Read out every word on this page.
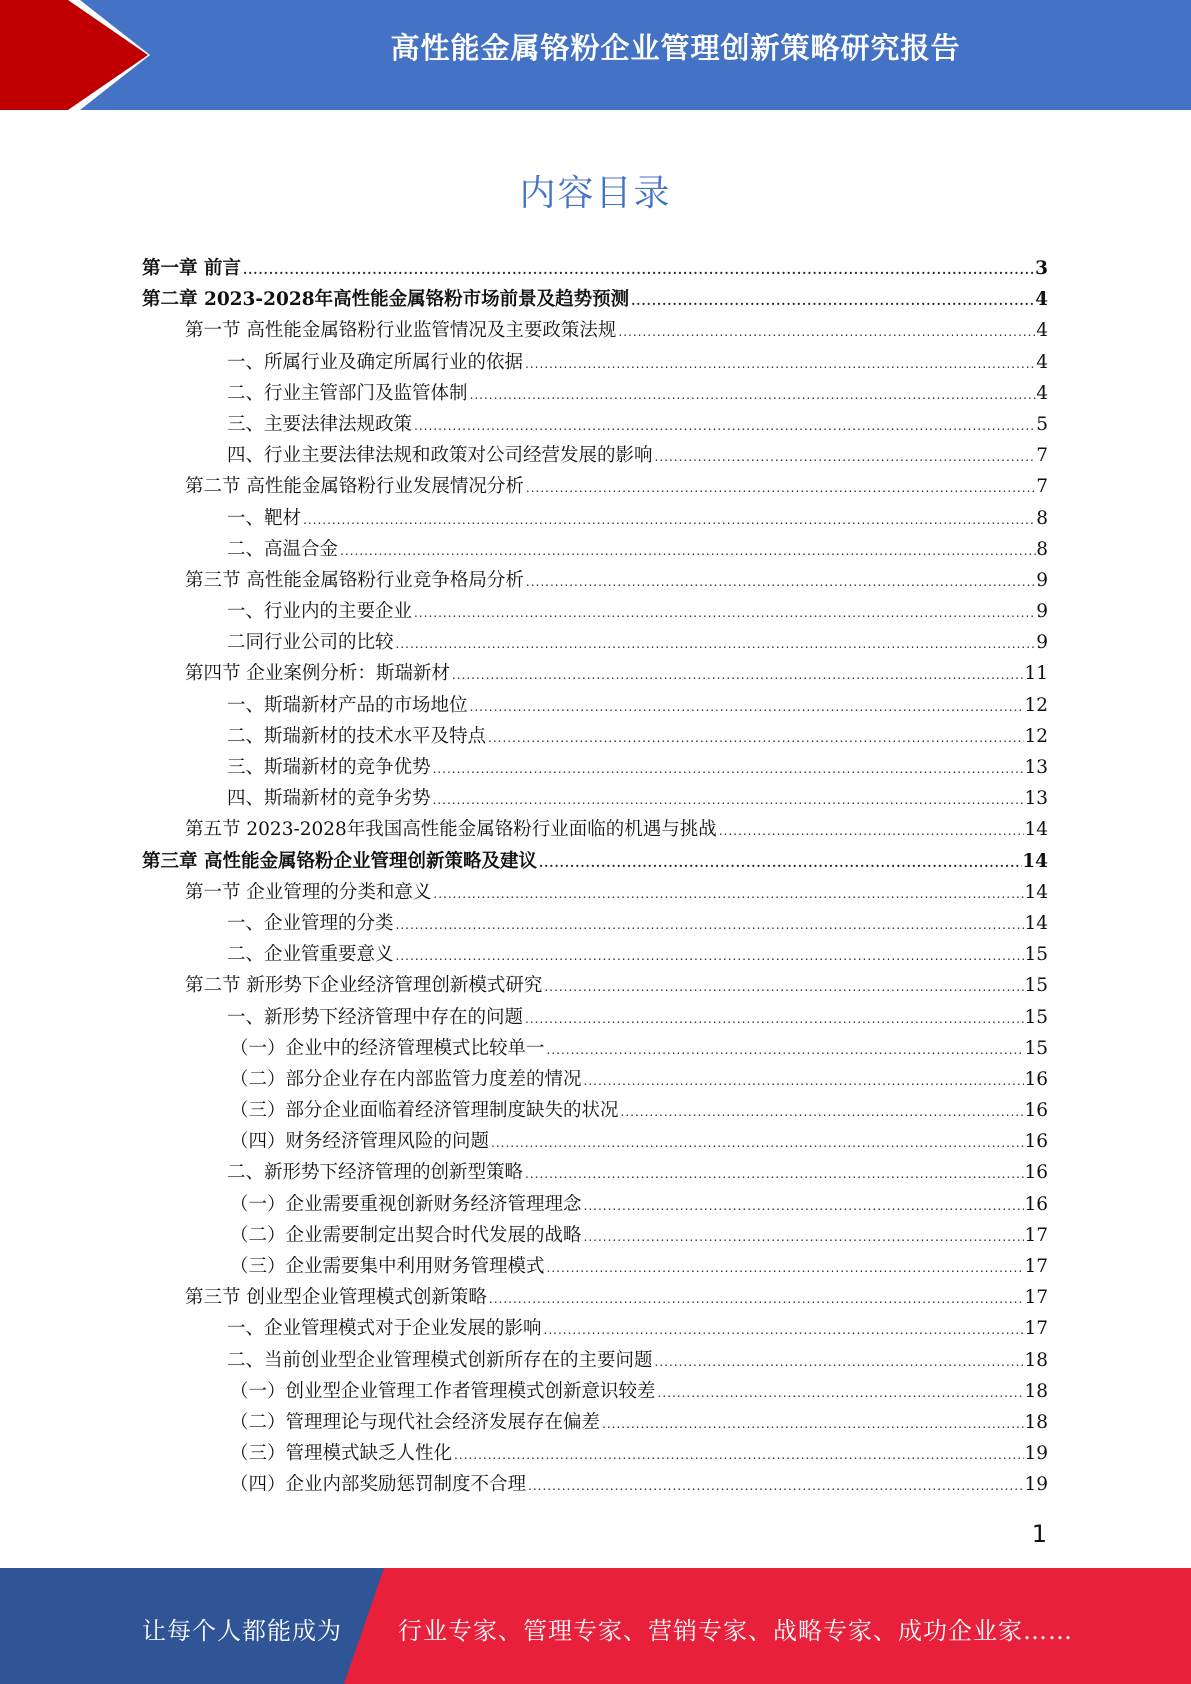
高性能金属铬粉企业管理创新策略研究报告
内容目录
第一章 前言 .....	3
第二章 2023-2028年高性能金属铬粉市场前景及趋势预测 .....	4
第一节 高性能金属铬粉行业监管情况及主要政策法规 .....	4
一、所属行业及确定所属行业的依据 .....	4
二、行业主管部门及监管体制 .....	4
三、主要法律法规政策 .....	5
四、行业主要法律法规和政策对公司经营发展的影响 .....	7
第二节 高性能金属铬粉行业发展情况分析 .....	7
一、靶材 .....	8
二、高温合金 .....	8
第三节 高性能金属铬粉行业竞争格局分析 .....	9
一、行业内的主要企业 .....	9
二同行业公司的比较 .....	9
第四节 企业案例分析：斯瑞新材 .....	11
一、斯瑞新材产品的市场地位 .....	12
二、斯瑞新材的技术水平及特点 .....	12
三、斯瑞新材的竞争优势 .....	13
四、斯瑞新材的竞争劣势 .....	13
第五节 2023-2028年我国高性能金属铬粉行业面临的机遇与挑战 .....	14
第三章 高性能金属铬粉企业管理创新策略及建议 .....	14
第一节 企业管理的分类和意义 .....	14
一、企业管理的分类 .....	14
二、企业管重要意义 .....	15
第二节 新形势下企业经济管理创新模式研究 .....	15
一、新形势下经济管理中存在的问题 .....	15
（一）企业中的经济管理模式比较单一 .....	15
（二）部分企业存在内部监管力度差的情况 .....	16
（三）部分企业面临着经济管理制度缺失的状况 .....	16
（四）财务经济管理风险的问题 .....	16
二、新形势下经济管理的创新型策略 .....	16
（一）企业需要重视创新财务经济管理理念 .....	16
（二）企业需要制定出契合时代发展的战略 .....	17
（三）企业需要集中利用财务管理模式 .....	17
第三节 创业型企业管理模式创新策略 .....	17
一、企业管理模式对于企业发展的影响 .....	17
二、当前创业型企业管理模式创新所存在的主要问题 .....	18
（一）创业型企业管理工作者管理模式创新意识较差 .....	18
（二）管理理论与现代社会经济发展存在偏差 .....	18
（三）管理模式缺乏人性化 .....	19
（四）企业内部奖励惩罚制度不合理 .....	19
1
让每个人都能成为 行业专家、管理专家、营销专家、战略专家、成功企业家……
